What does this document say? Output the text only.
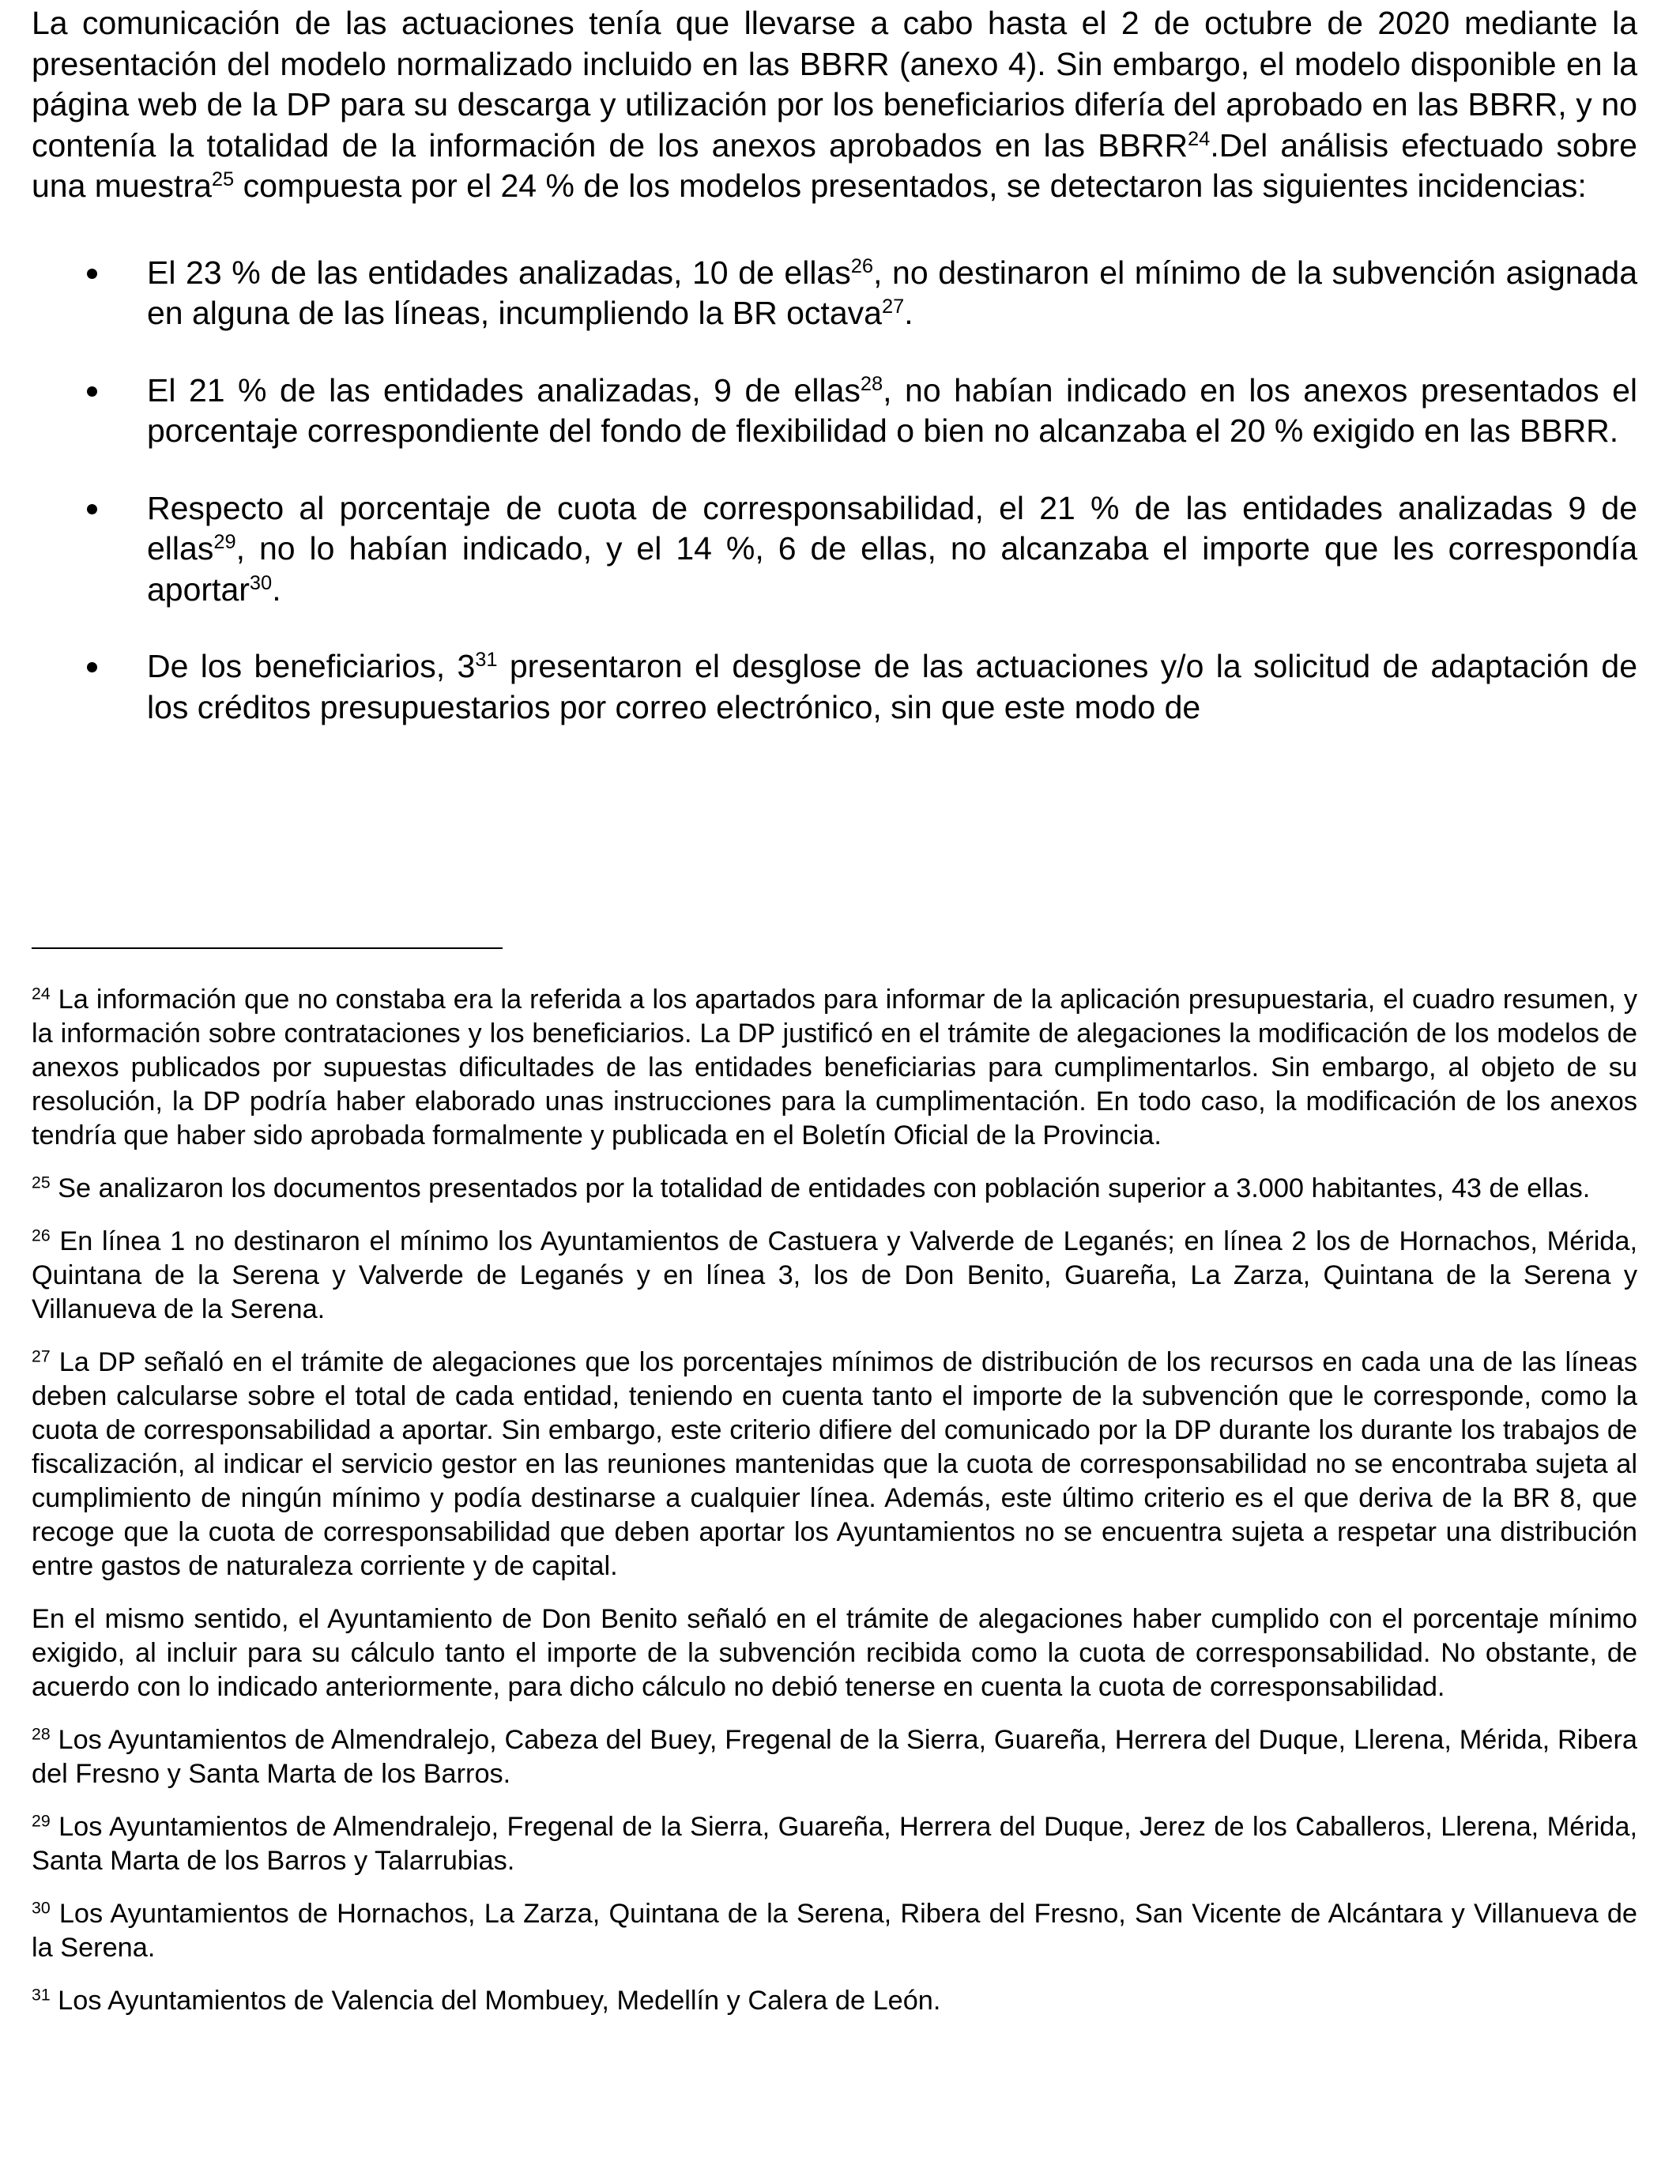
La comunicación de las actuaciones tenía que llevarse a cabo hasta el 2 de octubre de 2020 mediante la presentación del modelo normalizado incluido en las BBRR (anexo 4). Sin embargo, el modelo disponible en la página web de la DP para su descarga y utilización por los beneficiarios difería del aprobado en las BBRR, y no contenía la totalidad de la información de los anexos aprobados en las BBRR$^{24}$.Del análisis efectuado sobre una muestra$^{25}$ compuesta por el 24 % de los modelos presentados, se detectaron las siguientes incidencias:

El 23 % de las entidades analizadas, 10 de ellas$^{26}$, no destinaron el mínimo de la subvención asignada en alguna de las líneas, incumpliendo la BR octava$^{27}$.
El 21 % de las entidades analizadas, 9 de ellas$^{28}$, no habían indicado en los anexos presentados el porcentaje correspondiente del fondo de flexibilidad o bien no alcanzaba el 20 % exigido en las BBRR.
Respecto al porcentaje de cuota de corresponsabilidad, el 21 % de las entidades analizadas 9 de ellas$^{29}$, no lo habían indicado, y el 14 %, 6 de ellas, no alcanzaba el importe que les correspondía aportar$^{30}$.
De los beneficiarios, $3^{31}$ presentaron el desglose de las actuaciones y/o la solicitud de adaptación de los créditos presupuestarios por correo electrónico, sin que este modo de

$^{24}$ La información que no constaba era la referida a los apartados para informar de la aplicación presupuestaria, el cuadro resumen, y la información sobre contrataciones y los beneficiarios. La DP justificó en el trámite de alegaciones la modificación de los modelos de anexos publicados por supuestas dificultades de las entidades beneficiarias para cumplimentarlos. Sin embargo, al objeto de su resolución, la DP podría haber elaborado unas instrucciones para la cumplimentación. En todo caso, la modificación de los anexos tendría que haber sido aprobada formalmente y publicada en el Boletín Oficial de la Provincia.

$^{25}$ Se analizaron los documentos presentados por la totalidad de entidades con población superior a 3.000 habitantes, 43 de ellas.

$^{26}$ En línea 1 no destinaron el mínimo los Ayuntamientos de Castuera y Valverde de Leganés; en línea 2 los de Hornachos, Mérida, Quintana de la Serena y Valverde de Leganés y en línea 3, los de Don Benito, Guareña, La Zarza, Quintana de la Serena y Villanueva de la Serena.

$^{27}$ La DP señaló en el trámite de alegaciones que los porcentajes mínimos de distribución de los recursos en cada una de las líneas deben calcularse sobre el total de cada entidad, teniendo en cuenta tanto el importe de la subvención que le corresponde, como la cuota de corresponsabilidad a aportar. Sin embargo, este criterio difiere del comunicado por la DP durante los durante los trabajos de fiscalización, al indicar el servicio gestor en las reuniones mantenidas que la cuota de corresponsabilidad no se encontraba sujeta al cumplimiento de ningún mínimo y podía destinarse a cualquier línea. Además, este último criterio es el que deriva de la BR 8, que recoge que la cuota de corresponsabilidad que deben aportar los Ayuntamientos no se encuentra sujeta a respetar una distribución entre gastos de naturaleza corriente y de capital.

En el mismo sentido, el Ayuntamiento de Don Benito señaló en el trámite de alegaciones haber cumplido con el porcentaje mínimo exigido, al incluir para su cálculo tanto el importe de la subvención recibida como la cuota de corresponsabilidad. No obstante, de acuerdo con lo indicado anteriormente, para dicho cálculo no debió tenerse en cuenta la cuota de corresponsabilidad.

$^{28}$ Los Ayuntamientos de Almendralejo, Cabeza del Buey, Fregenal de la Sierra, Guareña, Herrera del Duque, Llerena, Mérida, Ribera del Fresno y Santa Marta de los Barros.

$^{29}$ Los Ayuntamientos de Almendralejo, Fregenal de la Sierra, Guareña, Herrera del Duque, Jerez de los Caballeros, Llerena, Mérida, Santa Marta de los Barros y Talarrubias.

$^{30}$ Los Ayuntamientos de Hornachos, La Zarza, Quintana de la Serena, Ribera del Fresno, San Vicente de Alcántara y Villanueva de la Serena.

$^{31}$ Los Ayuntamientos de Valencia del Mombuey, Medellín y Calera de León.
